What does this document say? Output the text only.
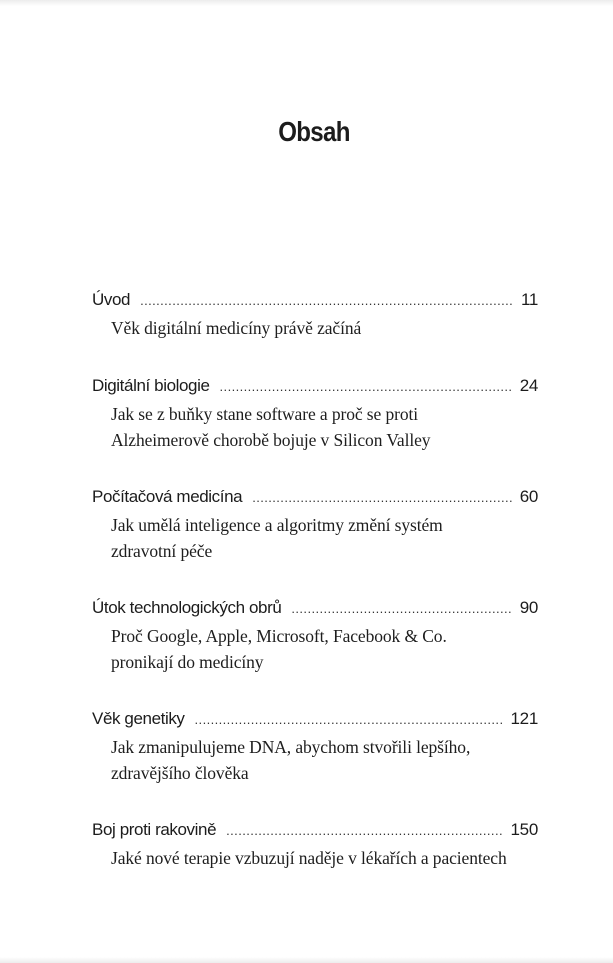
Obsah
Úvod .....	11
Věk digitální medicíny právě začíná
Digitální biologie .....	24
Jak se z buňky stane software a proč se proti
Alzheimerově chorobě bojuje v Silicon Valley
Počítačová medicína .....	60
Jak umělá inteligence a algoritmy změní systém
zdravotní péče
Útok technologických obrů .....	90
Proč Google, Apple, Microsoft, Facebook & Co.
pronikají do medicíny
Věk genetiky .....	121
Jak zmanipulujeme DNA, abychom stvořili lepšího,
zdravějšího člověka
Boj proti rakovině .....	150
Jaké nové terapie vzbuzují naděje v lékařích a pacientech
